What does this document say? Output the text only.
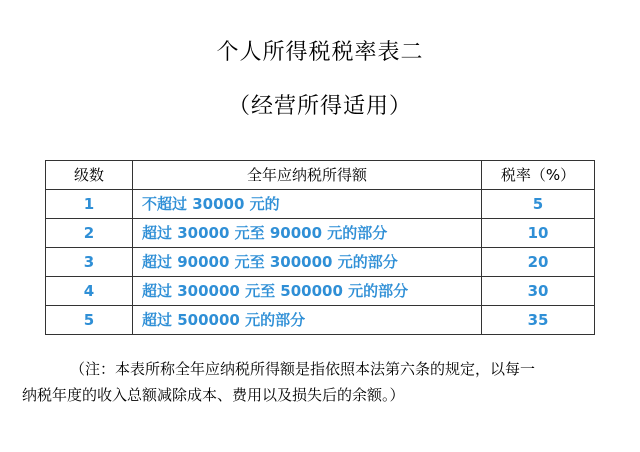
个人所得税税率表二
（经营所得适用）
级数	全年应纳税所得额	税率（%）
1	不超过 30000 元的	5
2	超过 30000 元至 90000 元的部分	10
3	超过 90000 元至 300000 元的部分	20
4	超过 300000 元至 500000 元的部分	30
5	超过 500000 元的部分	35
（注：本表所称全年应纳税所得额是指依照本法第六条的规定，以每一
纳税年度的收入总额减除成本、费用以及损失后的余额。）
